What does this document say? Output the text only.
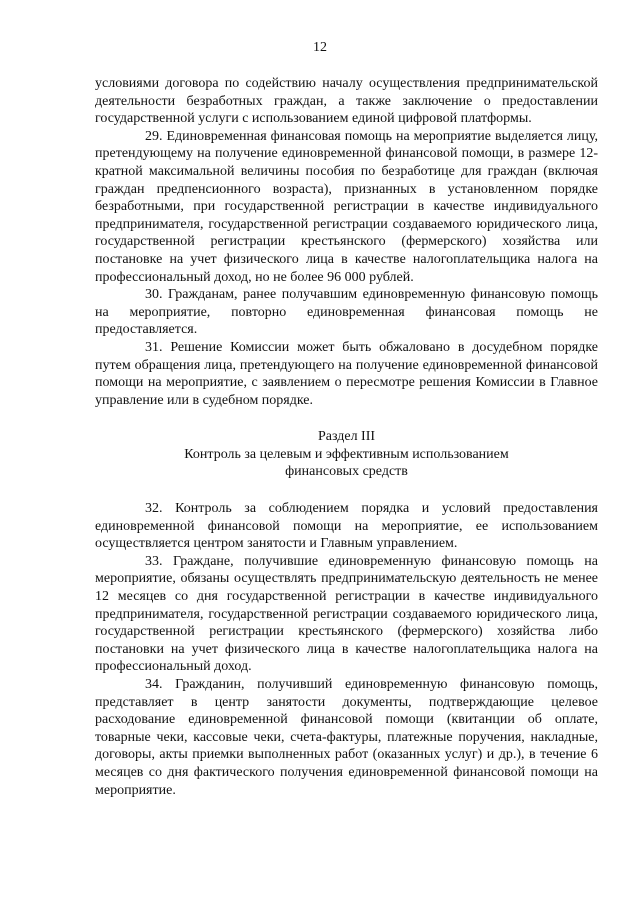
12

условиями договора по содействию началу осуществления предпринимательской деятельности безработных граждан, а также заключение о предоставлении государственной услуги с использованием единой цифровой платформы.

29. Единовременная финансовая помощь на мероприятие выделяется лицу, претендующему на получение единовременной финансовой помощи, в размере 12-кратной максимальной величины пособия по безработице для граждан (включая граждан предпенсионного возраста), признанных в установленном порядке безработными, при государственной регистрации в качестве индивидуального предпринимателя, государственной регистрации создаваемого юридического лица, государственной регистрации крестьянского (фермерского) хозяйства или постановке на учет физического лица в качестве налогоплательщика налога на профессиональный доход, но не более 96 000 рублей.

30. Гражданам, ранее получавшим единовременную финансовую помощь на мероприятие, повторно единовременная финансовая помощь не предоставляется.

31. Решение Комиссии может быть обжаловано в досудебном порядке путем обращения лица, претендующего на получение единовременной финансовой помощи на мероприятие, с заявлением о пересмотре решения Комиссии в Главное управление или в судебном порядке.

Раздел III

Контроль за целевым и эффективным использованием

финансовых средств

32. Контроль за соблюдением порядка и условий предоставления единовременной финансовой помощи на мероприятие, ее использованием осуществляется центром занятости и Главным управлением.

33. Граждане, получившие единовременную финансовую помощь на мероприятие, обязаны осуществлять предпринимательскую деятельность не менее 12 месяцев со дня государственной регистрации в качестве индивидуального предпринимателя, государственной регистрации создаваемого юридического лица, государственной регистрации крестьянского (фермерского) хозяйства либо постановки на учет физического лица в качестве налогоплательщика налога на профессиональный доход.

34. Гражданин, получивший единовременную финансовую помощь, представляет в центр занятости документы, подтверждающие целевое расходование единовременной финансовой помощи (квитанции об оплате, товарные чеки, кассовые чеки, счета-фактуры, платежные поручения, накладные, договоры, акты приемки выполненных работ (оказанных услуг) и др.), в течение 6 месяцев со дня фактического получения единовременной финансовой помощи на мероприятие.
